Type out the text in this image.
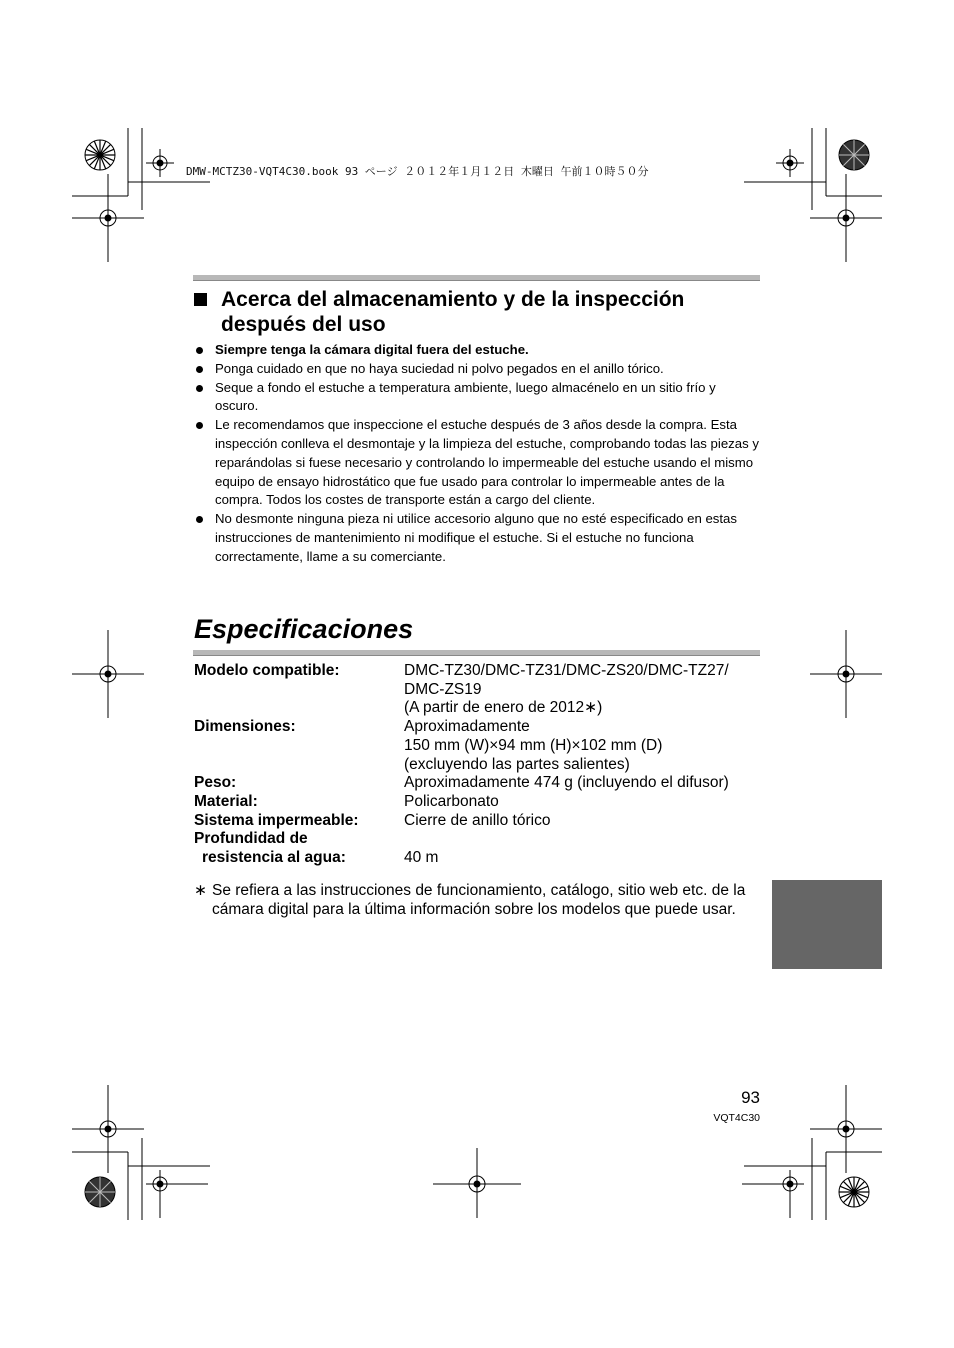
DMW-MCTZ30-VQT4C30.book 93 ページ ２０１２年１月１２日 木曜日 午前１０時５０分
Acerca del almacenamiento y de la inspección después del uso
Siempre tenga la cámara digital fuera del estuche.
Ponga cuidado en que no haya suciedad ni polvo pegados en el anillo tórico.
Seque a fondo el estuche a temperatura ambiente, luego almacénelo en un sitio frío y oscuro.
Le recomendamos que inspeccione el estuche después de 3 años desde la compra. Esta inspección conlleva el desmontaje y la limpieza del estuche, comprobando todas las piezas y reparándolas si fuese necesario y controlando lo impermeable del estuche usando el mismo equipo de ensayo hidrostático que fue usado para controlar lo impermeable antes de la compra. Todos los costes de transporte están a cargo del cliente.
No desmonte ninguna pieza ni utilice accesorio alguno que no esté especificado en estas instrucciones de mantenimiento ni modifique el estuche. Si el estuche no funciona correctamente, llame a su comerciante.
Especificaciones
Modelo compatible:	DMC-TZ30/DMC-TZ31/DMC-ZS20/DMC-TZ27/
DMC-ZS19
(A partir de enero de 2012∗)
Dimensiones:	Aproximadamente
150 mm (W)×94 mm (H)×102 mm (D)
(excluyendo las partes salientes)
Peso:	Aproximadamente 474 g (incluyendo el difusor)
Material:	Policarbonato
Sistema impermeable:	Cierre de anillo tórico
Profundidad de
resistencia al agua:	40 m
∗ Se refiera a las instrucciones de funcionamiento, catálogo, sitio web etc. de la cámara digital para la última información sobre los modelos que puede usar.
93
VQT4C30
